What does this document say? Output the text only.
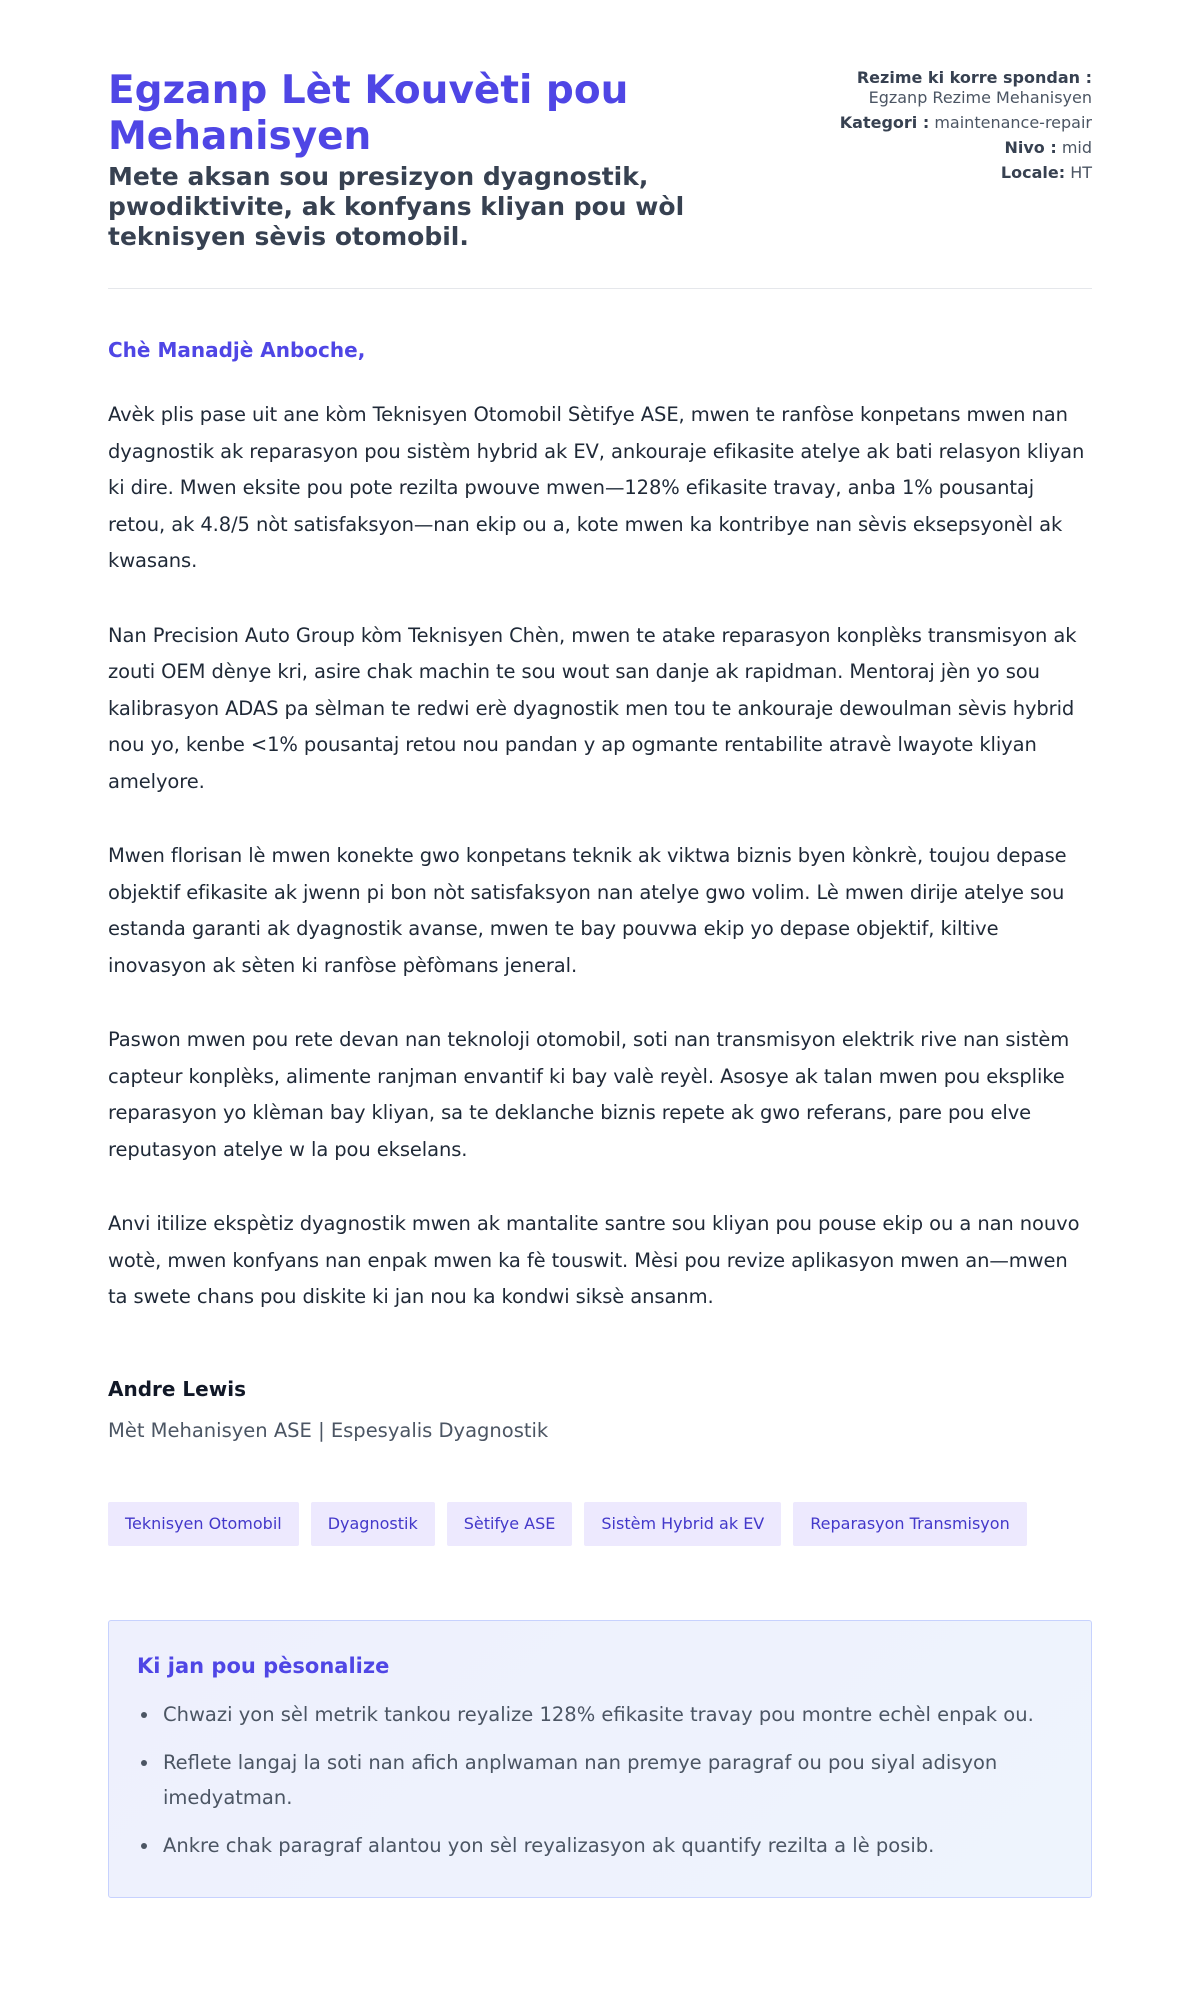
Egzanp Lèt Kouvèti pou Mehanisyen

Mete aksan sou presizyon dyagnostik, pwodiktivite, ak konfyans kliyan pou wòl teknisyen sèvis otomobil.

Rezime ki korre spondan : Egzanp Rezime Mehanisyen
Kategori : maintenance-repair
Nivo : mid
Locale: HT

Chè Manadjè Anboche,

Avèk plis pase uit ane kòm Teknisyen Otomobil Sètifye ASE, mwen te ranfòse konpetans mwen nan dyagnostik ak reparasyon pou sistèm hybrid ak EV, ankouraje efikasite atelye ak bati relasyon kliyan ki dire. Mwen eksite pou pote rezilta pwouve mwen—128% efikasite travay, anba 1% pousantaj retou, ak 4.8/5 nòt satisfaksyon—nan ekip ou a, kote mwen ka kontribye nan sèvis eksepsyonèl ak kwasans.

Nan Precision Auto Group kòm Teknisyen Chèn, mwen te atake reparasyon konplèks transmisyon ak zouti OEM dènye kri, asire chak machin te sou wout san danje ak rapidman. Mentoraj jèn yo sou kalibrasyon ADAS pa sèlman te redwi erè dyagnostik men tou te ankouraje dewoulman sèvis hybrid nou yo, kenbe <1% pousantaj retou nou pandan y ap ogmante rentabilite atravè lwayote kliyan amelyore.

Mwen florisan lè mwen konekte gwo konpetans teknik ak viktwa biznis byen kònkrè, toujou depase objektif efikasite ak jwenn pi bon nòt satisfaksyon nan atelye gwo volim. Lè mwen dirije atelye sou estanda garanti ak dyagnostik avanse, mwen te bay pouvwa ekip yo depase objektif, kiltive inovasyon ak sèten ki ranfòse pèfòmans jeneral.

Paswon mwen pou rete devan nan teknoloji otomobil, soti nan transmisyon elektrik rive nan sistèm capteur konplèks, alimente ranjman envantif ki bay valè reyèl. Asosye ak talan mwen pou eksplike reparasyon yo klèman bay kliyan, sa te deklanche biznis repete ak gwo referans, pare pou elve reputasyon atelye w la pou ekselans.

Anvi itilize ekspètiz dyagnostik mwen ak mantalite santre sou kliyan pou pouse ekip ou a nan nouvo wotè, mwen konfyans nan enpak mwen ka fè touswit. Mèsi pou revize aplikasyon mwen an—mwen ta swete chans pou diskite ki jan nou ka kondwi siksè ansanm.

Andre Lewis

Mèt Mehanisyen ASE | Espesyalis Dyagnostik

Teknisyen Otomobil	Dyagnostik	Sètifye ASE	Sistèm Hybrid ak EV	Reparasyon Transmisyon
Ki jan pou pèsonalize
Chwazi yon sèl metrik tankou reyalize 128% efikasite travay pou montre echèl enpak ou.
Reflete langaj la soti nan afich anplwaman nan premye paragraf ou pou siyal adisyon imedyatman.
Ankre chak paragraf alantou yon sèl reyalizasyon ak quantify rezilta a lè posib.
